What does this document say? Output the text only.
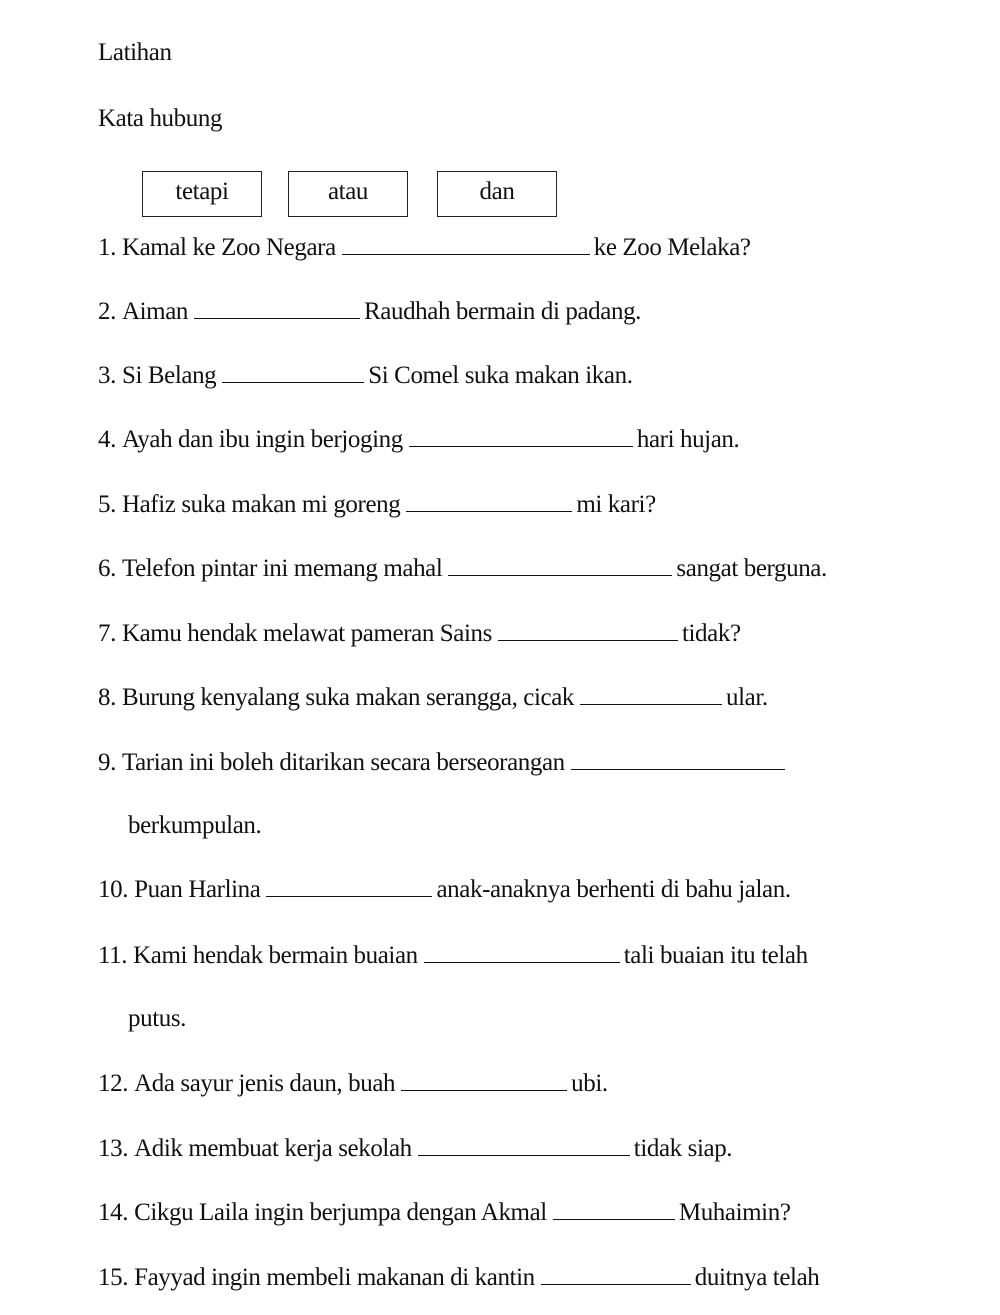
Latihan
Kata hubung
tetapi	atau	dan
1. Kamal ke Zoo Negara	ke Zoo Melaka?
2. Aiman	Raudhah bermain di padang.
3. Si Belang	Si Comel suka makan ikan.
4. Ayah dan ibu ingin berjoging	hari hujan.
5. Hafiz suka makan mi goreng	mi kari?
6. Telefon pintar ini memang mahal	sangat berguna.
7. Kamu hendak melawat pameran Sains	tidak?
8. Burung kenyalang suka makan serangga, cicak	ular.
9. Tarian ini boleh ditarikan secara berseorangan
berkumpulan.
10. Puan Harlina	anak-anaknya berhenti di bahu jalan.
11. Kami hendak bermain buaian	tali buaian itu telah
putus.
12. Ada sayur jenis daun, buah	ubi.
13. Adik membuat kerja sekolah	tidak siap.
14. Cikgu Laila ingin berjumpa dengan Akmal	Muhaimin?
15. Fayyad ingin membeli makanan di kantin	duitnya telah
